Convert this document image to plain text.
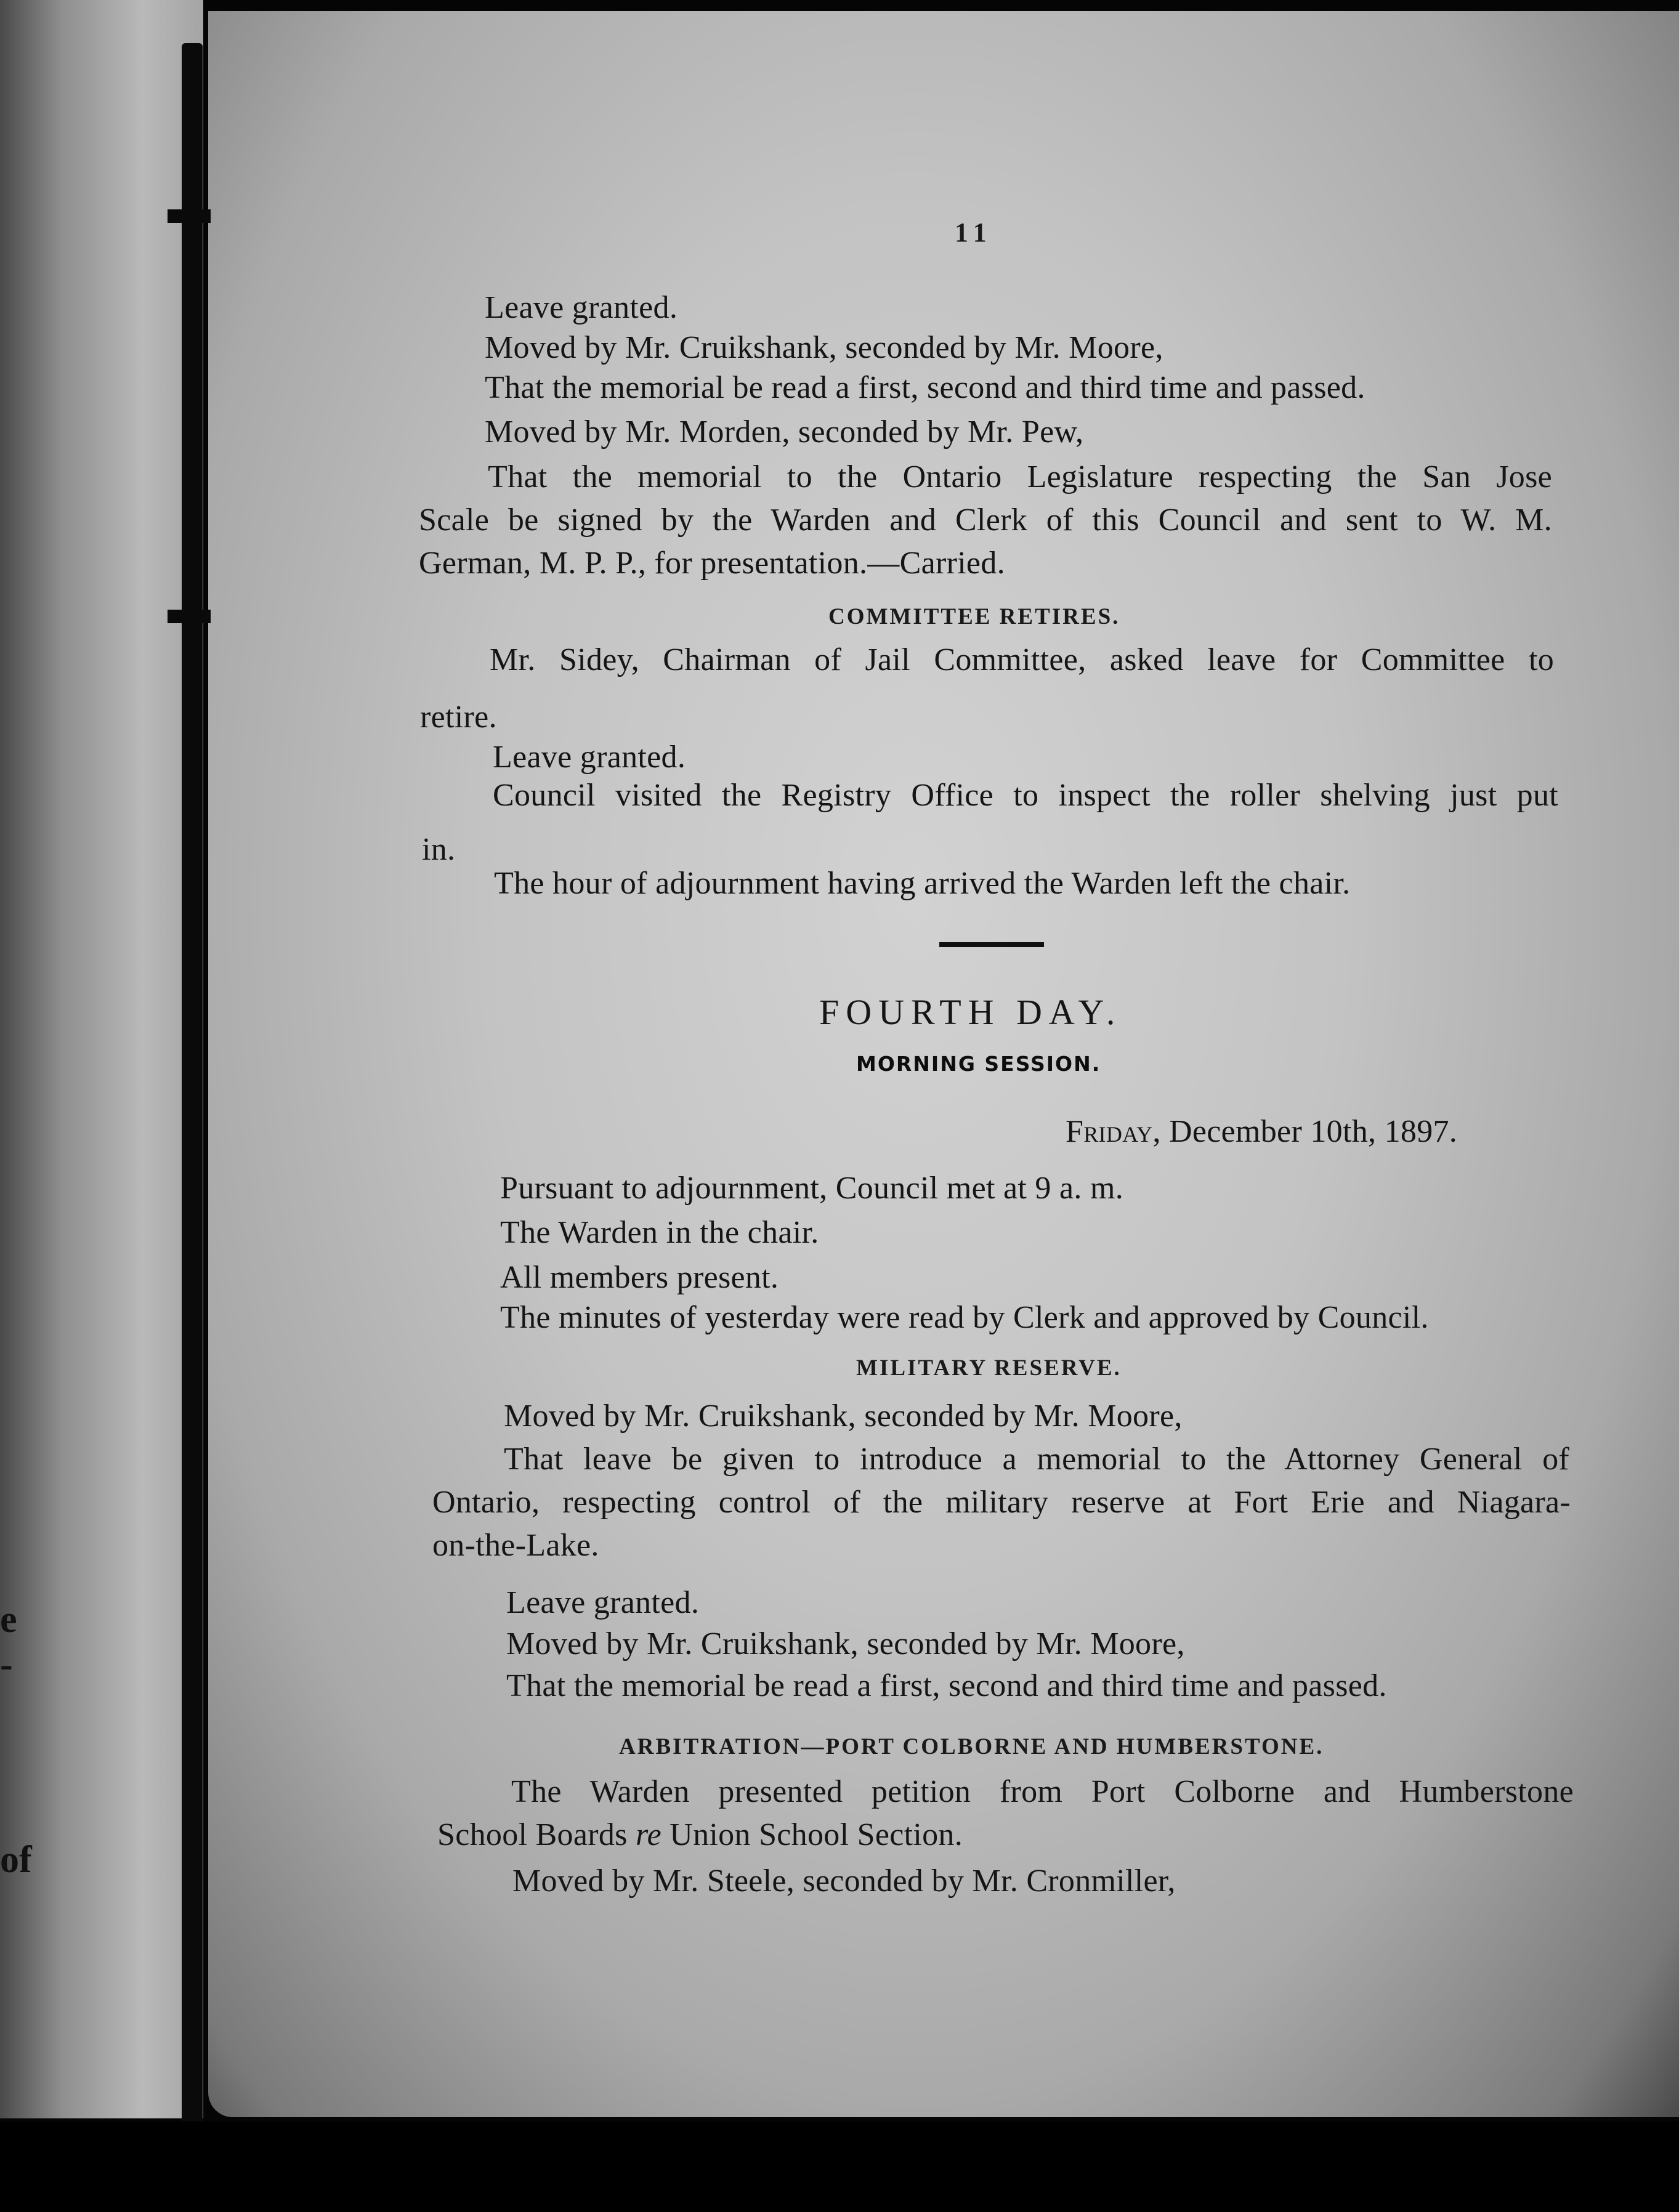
e
-
of
11
Leave granted.
Moved by Mr. Cruikshank, seconded by Mr. Moore,
That the memorial be read a first, second and third time and passed.
Moved by Mr. Morden, seconded by Mr. Pew,
That the memorial to the Ontario Legislature respecting the San Jose
Scale be signed by the Warden and Clerk of this Council and sent to W. M.
German, M. P. P., for presentation.—Carried.
COMMITTEE RETIRES.
Mr. Sidey, Chairman of Jail Committee, asked leave for Committee to
retire.
Leave granted.
Council visited the Registry Office to inspect the roller shelving just put
in.
The hour of adjournment having arrived the Warden left the chair.
FOURTH DAY.
MORNING SESSION.
Friday, December 10th, 1897.
Pursuant to adjournment, Council met at 9 a. m.
The Warden in the chair.
All members present.
The minutes of yesterday were read by Clerk and approved by Council.
MILITARY RESERVE.
Moved by Mr. Cruikshank, seconded by Mr. Moore,
That leave be given to introduce a memorial to the Attorney General of
Ontario, respecting control of the military reserve at Fort Erie and Niagara-
on-the-Lake.
Leave granted.
Moved by Mr. Cruikshank, seconded by Mr. Moore,
That the memorial be read a first, second and third time and passed.
ARBITRATION—PORT COLBORNE AND HUMBERSTONE.
The Warden presented petition from Port Colborne and Humberstone
School Boards re Union School Section.
Moved by Mr. Steele, seconded by Mr. Cronmiller,
